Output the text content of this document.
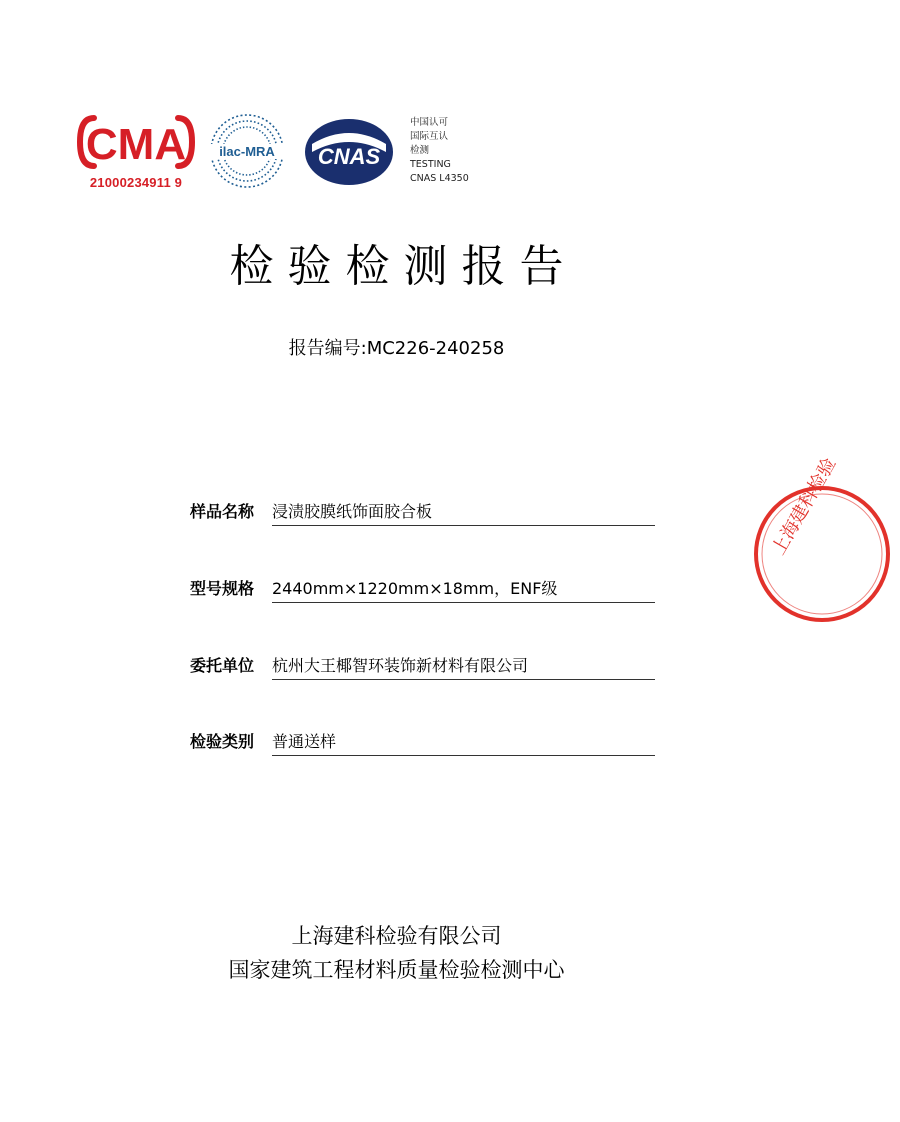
CMA
21000234911 9
ilac-MRA CNAS
中国认可
国际互认
检测
TESTING
CNAS L4350
检验检测报告
报告编号:MC226-240258
样品名称 浸渍胶膜纸饰面胶合板
型号规格 2440mm×1220mm×18mm，ENF级
委托单位 杭州大王椰智环装饰新材料有限公司
检验类别 普通送样
上海建科检验有限公司
国家建筑工程材料质量检验检测中心
上海建科检验
